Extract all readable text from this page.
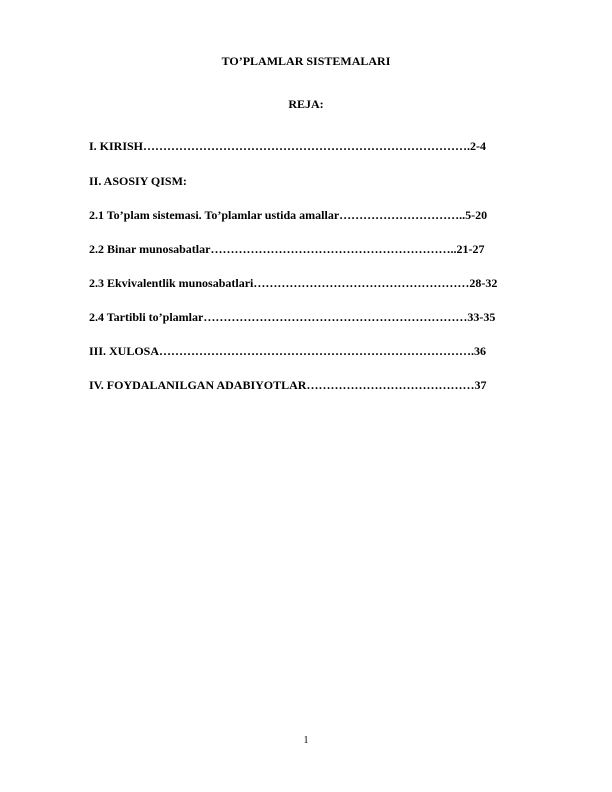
TO’PLAMLAR SISTEMALARI
REJA:
I. KIRISH……………………………………………………………………….2-4
II. ASOSIY QISM:
2.1 To’plam sistemasi. To’plamlar ustida amallar…………………………..5-20
2.2 Binar munosabatlar……………………………………………………..21-27
2.3 Ekvivalentlik munosabatlari………………………………………………28-32
2.4 Tartibli to’plamlar…………………………………………………………33-35
III. XULOSA…………………………………………………………………….36
IV. FOYDALANILGAN ADABIYOTLAR……………………………………37
1
